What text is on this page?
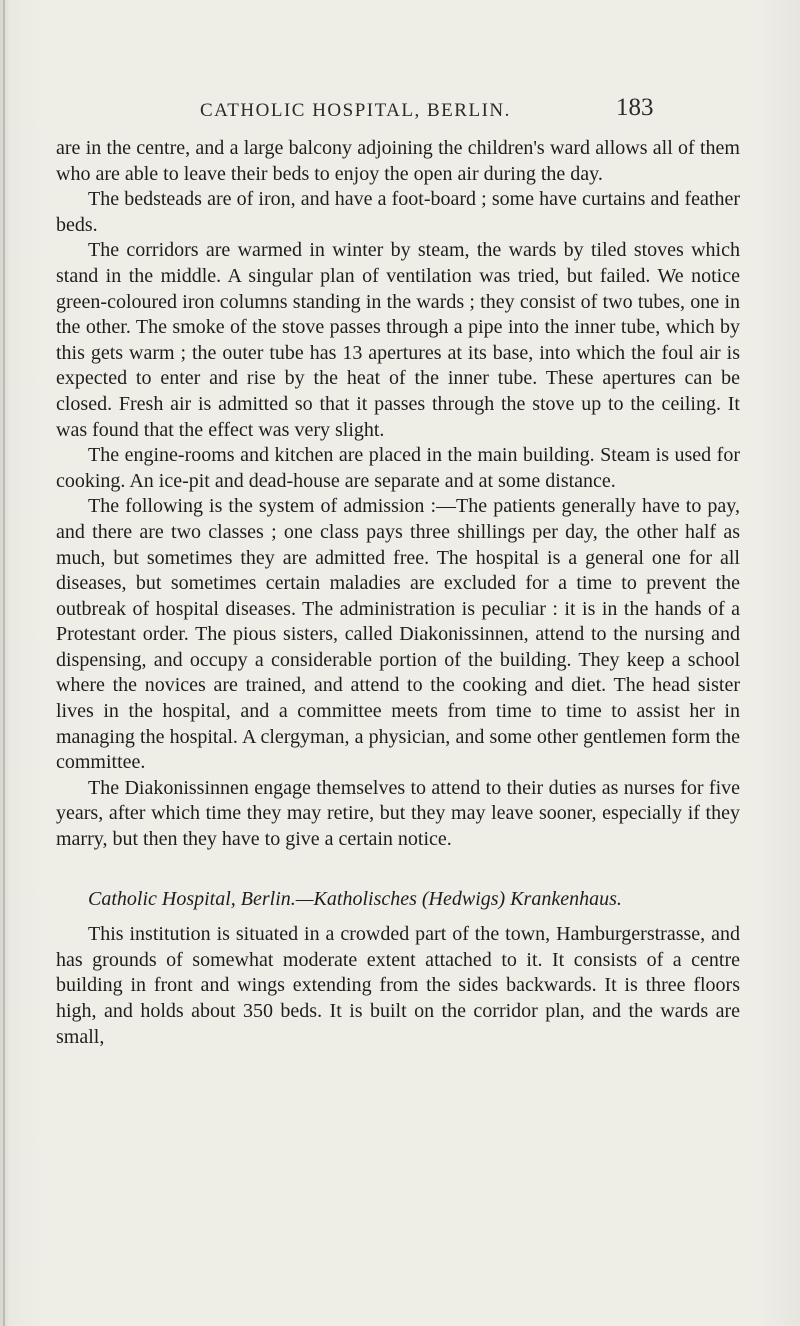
CATHOLIC HOSPITAL, BERLIN.	183

are in the centre, and a large balcony adjoining the children's ward allows all of them who are able to leave their beds to enjoy the open air during the day.

The bedsteads are of iron, and have a foot-board ; some have curtains and feather beds.

The corridors are warmed in winter by steam, the wards by tiled stoves which stand in the middle. A singular plan of ventilation was tried, but failed. We notice green-coloured iron columns standing in the wards ; they consist of two tubes, one in the other. The smoke of the stove passes through a pipe into the inner tube, which by this gets warm ; the outer tube has 13 apertures at its base, into which the foul air is expected to enter and rise by the heat of the inner tube. These apertures can be closed. Fresh air is admitted so that it passes through the stove up to the ceiling. It was found that the effect was very slight.

The engine-rooms and kitchen are placed in the main building. Steam is used for cooking. An ice-pit and dead-house are separate and at some distance.

The following is the system of admission :—The patients generally have to pay, and there are two classes ; one class pays three shillings per day, the other half as much, but sometimes they are admitted free. The hospital is a general one for all diseases, but sometimes certain maladies are excluded for a time to prevent the outbreak of hospital diseases. The administration is peculiar : it is in the hands of a Protestant order. The pious sisters, called Diakonissinnen, attend to the nursing and dispensing, and occupy a considerable portion of the building. They keep a school where the novices are trained, and attend to the cooking and diet. The head sister lives in the hospital, and a committee meets from time to time to assist her in managing the hospital. A clergyman, a physician, and some other gentlemen form the committee.

The Diakonissinnen engage themselves to attend to their duties as nurses for five years, after which time they may retire, but they may leave sooner, especially if they marry, but then they have to give a certain notice.

Catholic Hospital, Berlin.—Katholisches (Hedwigs) Krankenhaus.

This institution is situated in a crowded part of the town, Hamburgerstrasse, and has grounds of somewhat moderate extent attached to it. It consists of a centre building in front and wings extending from the sides backwards. It is three floors high, and holds about 350 beds. It is built on the corridor plan, and the wards are small,
